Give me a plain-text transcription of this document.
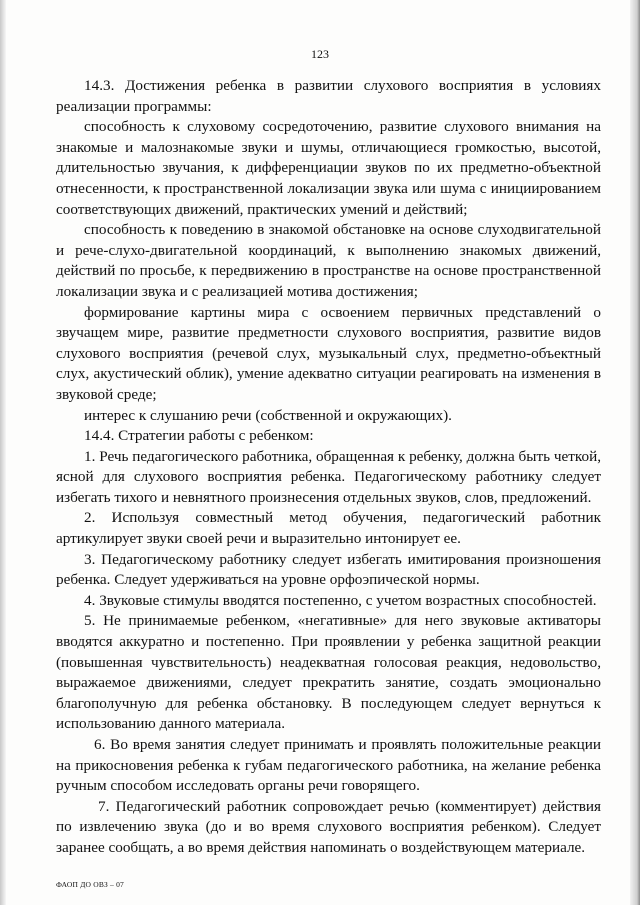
123

14.3. Достижения ребенка в развитии слухового восприятия в условиях реализации программы:

способность к слуховому сосредоточению, развитие слухового внимания на знакомые и малознакомые звуки и шумы, отличающиеся громкостью, высотой, длительностью звучания, к дифференциации звуков по их предметно-объектной отнесенности, к пространственной локализации звука или шума с инициированием соответствующих движений, практических умений и действий;

способность к поведению в знакомой обстановке на основе слуходвигательной и рече-слухо-двигательной координаций, к выполнению знакомых движений, действий по просьбе, к передвижению в пространстве на основе пространственной локализации звука и с реализацией мотива достижения;

формирование картины мира с освоением первичных представлений о звучащем мире, развитие предметности слухового восприятия, развитие видов слухового восприятия (речевой слух, музыкальный слух, предметно-объектный слух, акустический облик), умение адекватно ситуации реагировать на изменения в звуковой среде;

интерес к слушанию речи (собственной и окружающих).

14.4. Стратегии работы с ребенком:

1. Речь педагогического работника, обращенная к ребенку, должна быть четкой, ясной для слухового восприятия ребенка. Педагогическому работнику следует избегать тихого и невнятного произнесения отдельных звуков, слов, предложений.

2. Используя совместный метод обучения, педагогический работник артикулирует звуки своей речи и выразительно интонирует ее.

3. Педагогическому работнику следует избегать имитирования произношения ребенка. Следует удерживаться на уровне орфоэпической нормы.

4. Звуковые стимулы вводятся постепенно, с учетом возрастных способностей.

5. Не принимаемые ребенком, «негативные» для него звуковые активаторы вводятся аккуратно и постепенно. При проявлении у ребенка защитной реакции (повышенная чувствительность) неадекватная голосовая реакция, недовольство, выражаемое движениями, следует прекратить занятие, создать эмоционально благополучную для ребенка обстановку. В последующем следует вернуться к использованию данного материала.

6. Во время занятия следует принимать и проявлять положительные реакции на прикосновения ребенка к губам педагогического работника, на желание ребенка ручным способом исследовать органы речи говорящего.

7. Педагогический работник сопровождает речью (комментирует) действия по извлечению звука (до и во время слухового восприятия ребенком). Следует заранее сообщать, а во время действия напоминать о воздействующем материале.

ФАОП ДО ОВЗ – 07
